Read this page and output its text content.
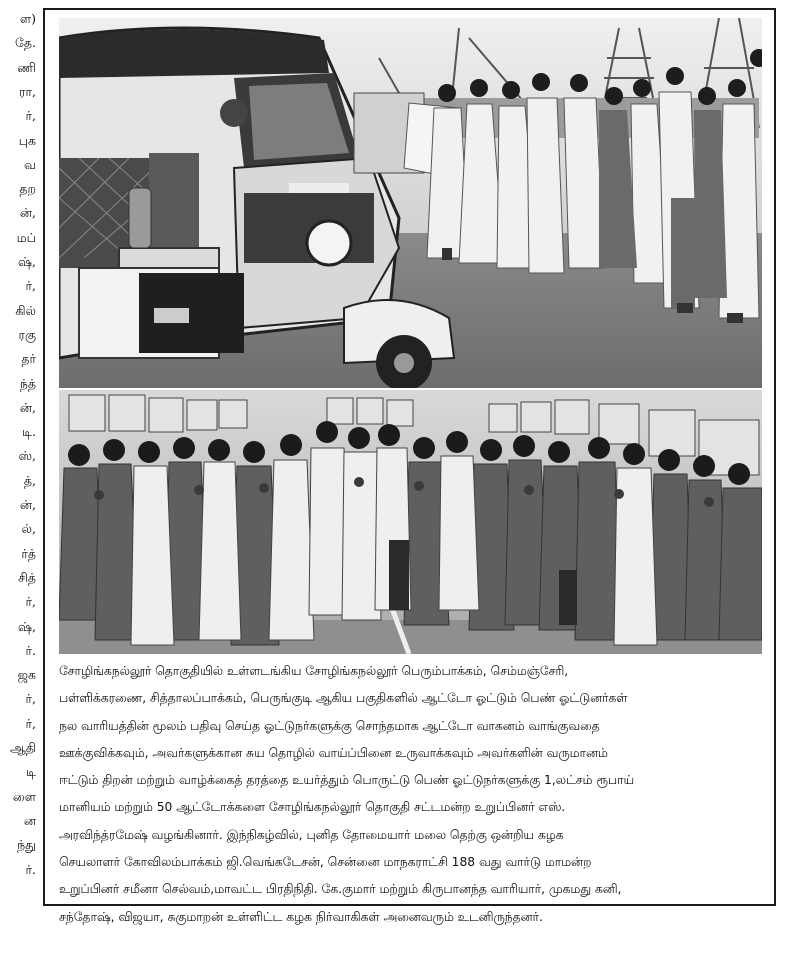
ள)
தே.
ணி
ரா,
ர்,
புக
வ
தற
ன்,
மப்
ஷ்,
ர்,
கில்
ரகு
தர்
ந்த்
ன்,
டி.
ஸ்,
த்,
ன்,
ல்,
ர்த்
சித்
ர்,
ஷ்,
ர்.
ஜக
ர்,
ர்,
ஆதி
டி
ளை
ன
ந்து
ர்.
சோழிங்கநல்லூர் தொகுதியில் உள்ளடங்கிய சோழிங்கநல்லூர் பெரும்பாக்கம், செம்மஞ்சேரி,
பள்ளிக்கரணை, சித்தாலப்பாக்கம், பெருங்குடி ஆகிய பகுதிகளில் ஆட்டோ ஓட்டும் பெண் ஓட்டுனர்கள்
நல வாரியத்தின் மூலம் பதிவு செய்த ஓட்டுநர்களுக்கு சொந்தமாக ஆட்டோ வாகனம் வாங்குவதை
ஊக்குவிக்கவும், அவர்களுக்கான சுய தொழில் வாய்ப்பினை உருவாக்கவும் அவர்களின் வருமானம்
ஈட்டும் திறன் மற்றும் வாழ்க்கைத் தரத்தை உயர்த்தும் பொருட்டு பெண் ஓட்டுநர்களுக்கு 1,லட்சம் ரூபாய்
மானியம் மற்றும் 50 ஆட்டோக்களை சோழிங்கநல்லூர் தொகுதி சட்டமன்ற உறுப்பினர் எஸ்.
அரவிந்த்ரமேஷ் வழங்கினார். இந்நிகழ்வில், புனித தோமையார் மலை தெற்கு ஒன்றிய கழக
செயலாளர் கோவிலம்பாக்கம் ஜி.வெங்கடேசன், சென்னை மாநகராட்சி 188 வது வார்டு மாமன்ற
உறுப்பினர் சமீனா செல்வம்,மாவட்ட பிரதிநிதி. கே.குமார் மற்றும் கிருபானந்த வாரியார், முகமது கனி,
சந்தோஷ், விஜயா, சுகுமாறன் உள்ளிட்ட கழக நிர்வாகிகள் அனைவரும் உடனிருந்தனர்.
